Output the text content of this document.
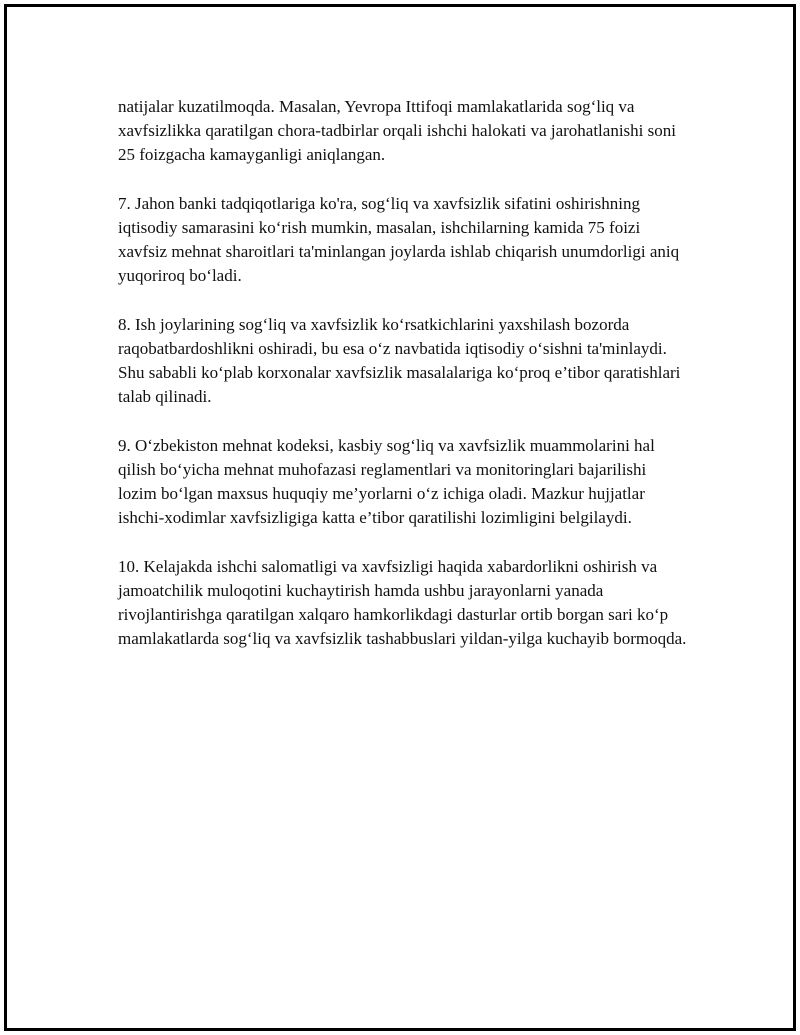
natijalar kuzatilmoqda. Masalan, Yevropa Ittifoqi mamlakatlarida sog‘liq va xavfsizlikka qaratilgan chora-tadbirlar orqali ishchi halokati va jarohatlanishi soni 25 foizgacha kamayganligi aniqlangan.

7. Jahon banki tadqiqotlariga ko'ra, sog‘liq va xavfsizlik sifatini oshirishning iqtisodiy samarasini ko‘rish mumkin, masalan, ishchilarning kamida 75 foizi xavfsiz mehnat sharoitlari ta'minlangan joylarda ishlab chiqarish unumdorligi aniq yuqoriroq bo‘ladi.

8. Ish joylarining sog‘liq va xavfsizlik ko‘rsatkichlarini yaxshilash bozorda raqobatbardoshlikni oshiradi, bu esa o‘z navbatida iqtisodiy o‘sishni ta'minlaydi. Shu sababli ko‘plab korxonalar xavfsizlik masalalariga ko‘proq e’tibor qaratishlari talab qilinadi.

9. O‘zbekiston mehnat kodeksi, kasbiy sog‘liq va xavfsizlik muammolarini hal qilish bo‘yicha mehnat muhofazasi reglamentlari va monitoringlari bajarilishi lozim bo‘lgan maxsus huquqiy me’yorlarni o‘z ichiga oladi. Mazkur hujjatlar ishchi-xodimlar xavfsizligiga katta e’tibor qaratilishi lozimligini belgilaydi.

10. Kelajakda ishchi salomatligi va xavfsizligi haqida xabardorlikni oshirish va jamoatchilik muloqotini kuchaytirish hamda ushbu jarayonlarni yanada rivojlantirishga qaratilgan xalqaro hamkorlikdagi dasturlar ortib borgan sari ko‘p mamlakatlarda sog‘liq va xavfsizlik tashabbuslari yildan-yilga kuchayib bormoqda.
